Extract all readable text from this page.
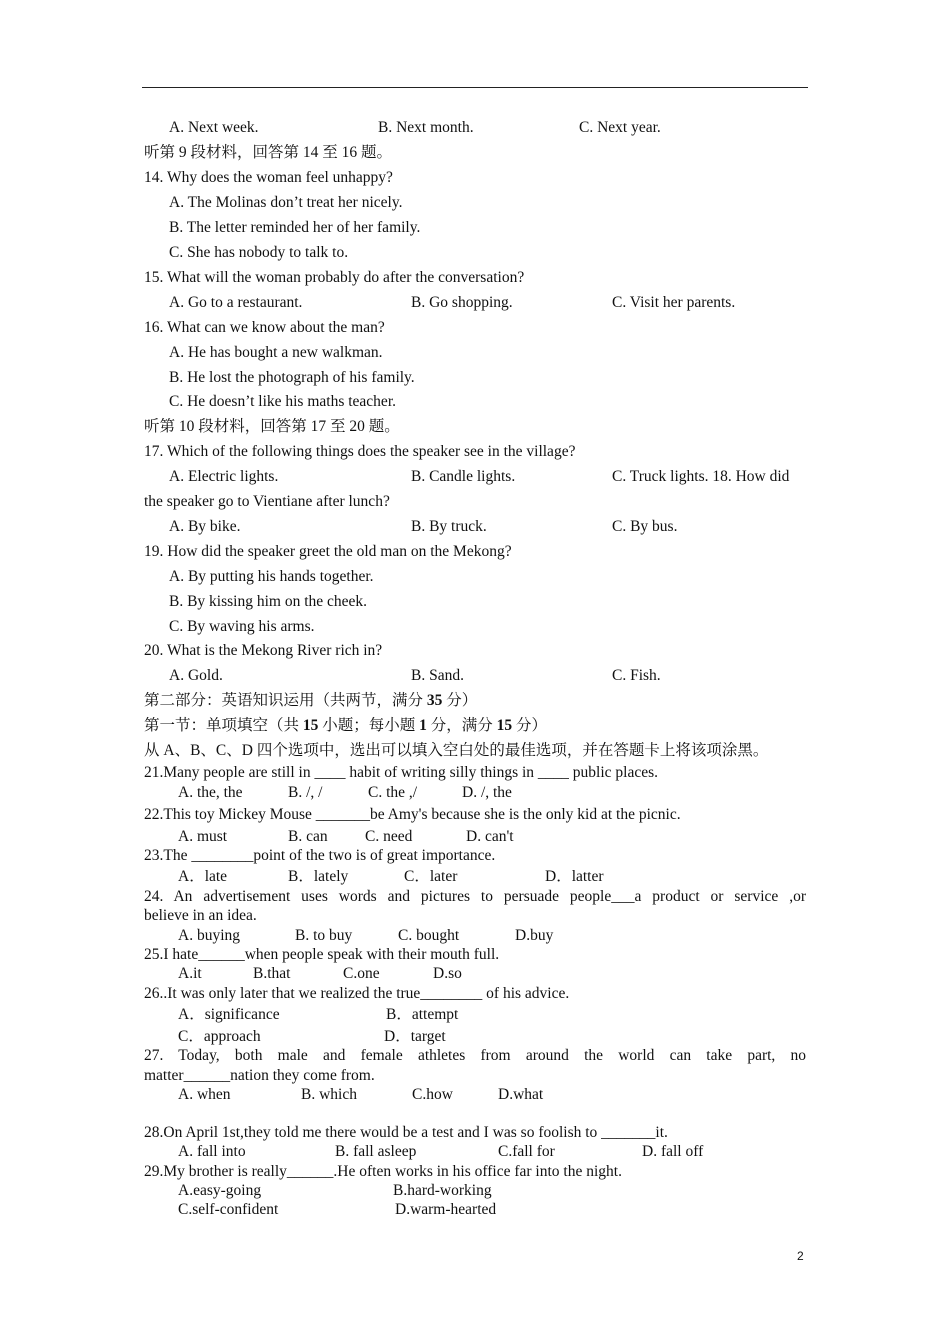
A. Next week.	B. Next month.	C. Next year.
听第 9 段材料，回答第 14 至 16 题。
14. Why does the woman feel unhappy?
A. The Molinas don’t treat her nicely.
B. The letter reminded her of her family.
C. She has nobody to talk to.
15. What will the woman probably do after the conversation?
A. Go to a restaurant.	B. Go shopping.	C. Visit her parents.
16. What can we know about the man?
A. He has bought a new walkman.
B. He lost the photograph of his family.
C. He doesn’t like his maths teacher.
听第 10 段材料，回答第 17 至 20 题。
17. Which of the following things does the speaker see in the village?
A. Electric lights.	B. Candle lights.	C. Truck lights. 18. How did
the speaker go to Vientiane after lunch?
A. By bike.	B. By truck.	C. By bus.
19. How did the speaker greet the old man on the Mekong?
A. By putting his hands together.
B. By kissing him on the cheek.
C. By waving his arms.
20. What is the Mekong River rich in?
A. Gold.	B. Sand.	C. Fish.
第二部分：英语知识运用（共两节，满分 35 分）
第一节：单项填空（共 15 小题；每小题 1 分，满分 15 分）
从 A、B、C、D 四个选项中，选出可以填入空白处的最佳选项，并在答题卡上将该项涂黑。
21.Many people are still in ____ habit of writing silly things in ____ public places.
A. the, the	B. /, /	C. the ,/	D. /, the
22.This toy Mickey Mouse _______be Amy's because she is the only kid at the picnic.
A. must	B. can C. need	D. can't
23.The ________point of the two is of great importance.
A．late	B．lately	C．later	D．latter
24. An advertisement uses words and pictures to persuade people___a product or service ,or
believe in an idea.
A. buying	B. to buy	C. bought	D.buy
25.I hate______when people speak with their mouth full.
A.it	B.that	C.one	D.so
26..It was only later that we realized the true________ of his advice.
A．significance	B．attempt
C．approach	D．target
27. Today, both male and female athletes from around the world can take part, no
matter______nation they come from.
A. when	B. which	C.how	D.what
28.On April 1st,they told me there would be a test and I was so foolish to _______it.
A. fall into	B. fall asleep	C.fall for	D. fall off
29.My brother is really______.He often works in his office far into the night.
A.easy-going	B.hard-working
C.self-confident	D.warm-hearted
2
